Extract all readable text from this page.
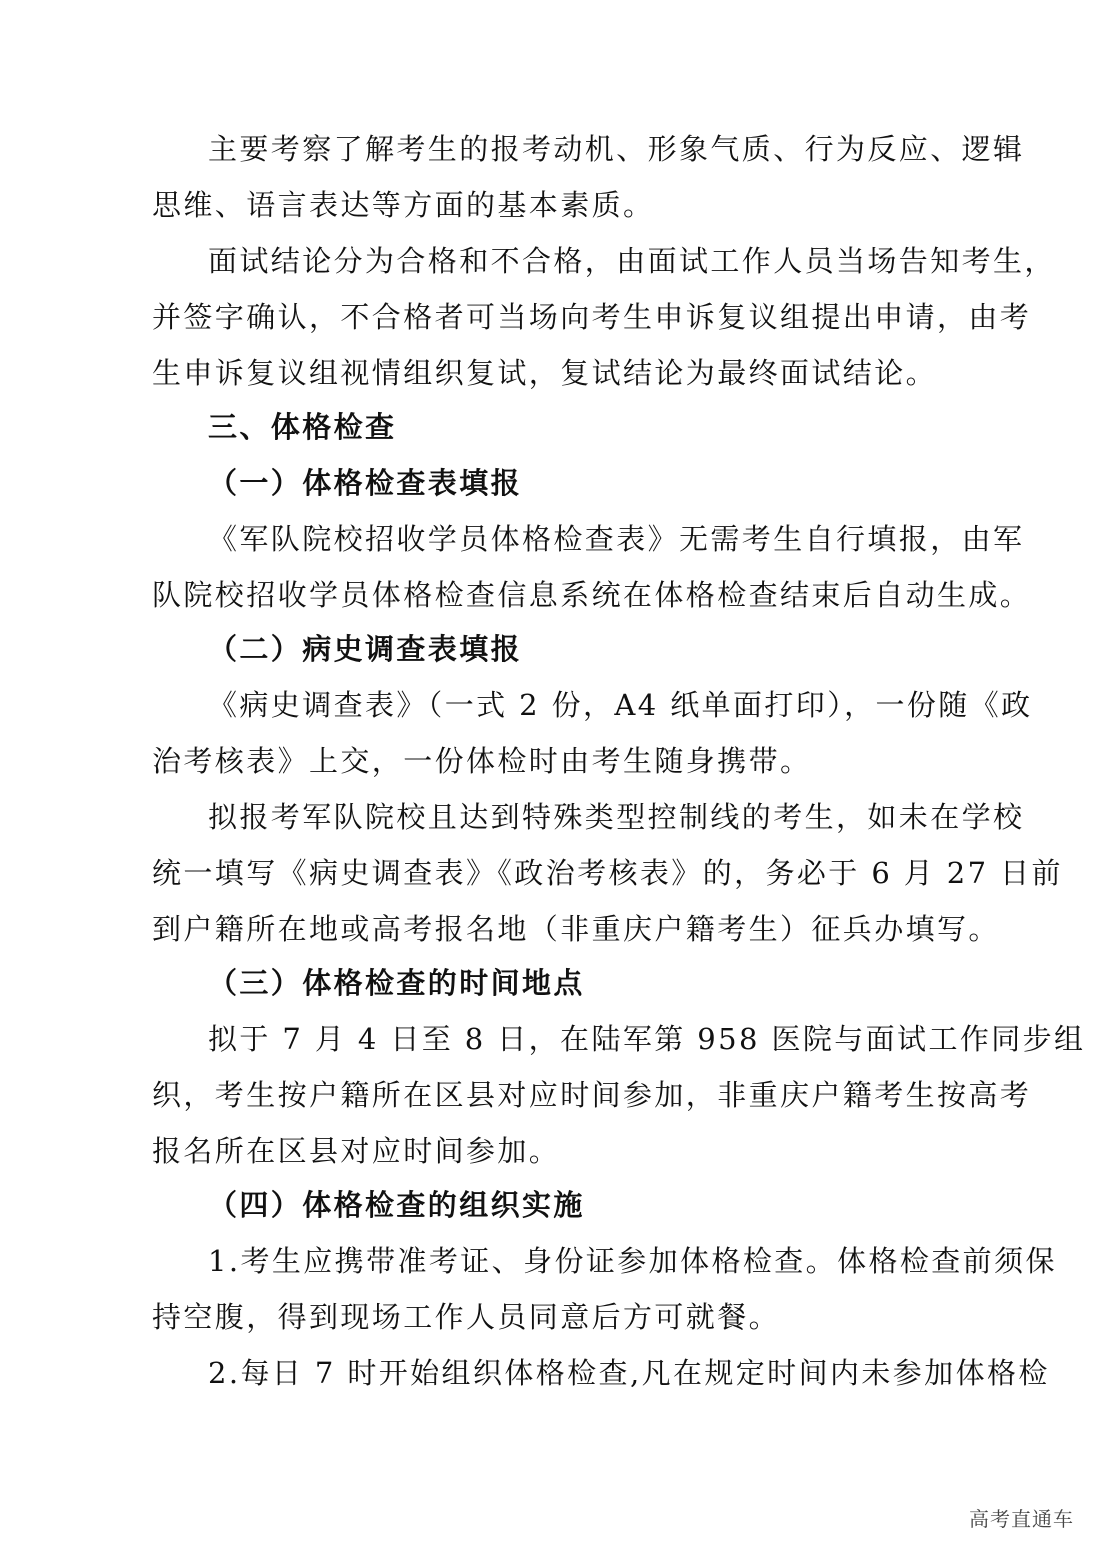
主要考察了解考生的报考动机、形象气质、行为反应、逻辑
思维、语言表达等方面的基本素质。
面试结论分为合格和不合格，由面试工作人员当场告知考生，
并签字确认，不合格者可当场向考生申诉复议组提出申请，由考
生申诉复议组视情组织复试，复试结论为最终面试结论。
三、体格检查
（一）体格检查表填报
《军队院校招收学员体格检查表》无需考生自行填报，由军
队院校招收学员体格检查信息系统在体格检查结束后自动生成。
（二）病史调查表填报
《病史调查表》（一式 2 份，A4 纸单面打印），一份随《政
治考核表》上交，一份体检时由考生随身携带。
拟报考军队院校且达到特殊类型控制线的考生，如未在学校
统一填写《病史调查表》《政治考核表》的，务必于 6 月 27 日前
到户籍所在地或高考报名地（非重庆户籍考生）征兵办填写。
（三）体格检查的时间地点
拟于 7 月 4 日至 8 日，在陆军第 958 医院与面试工作同步组
织，考生按户籍所在区县对应时间参加，非重庆户籍考生按高考
报名所在区县对应时间参加。
（四）体格检查的组织实施
1.考生应携带准考证、身份证参加体格检查。体格检查前须保
持空腹，得到现场工作人员同意后方可就餐。
2.每日 7 时开始组织体格检查,凡在规定时间内未参加体格检
高考直通车
